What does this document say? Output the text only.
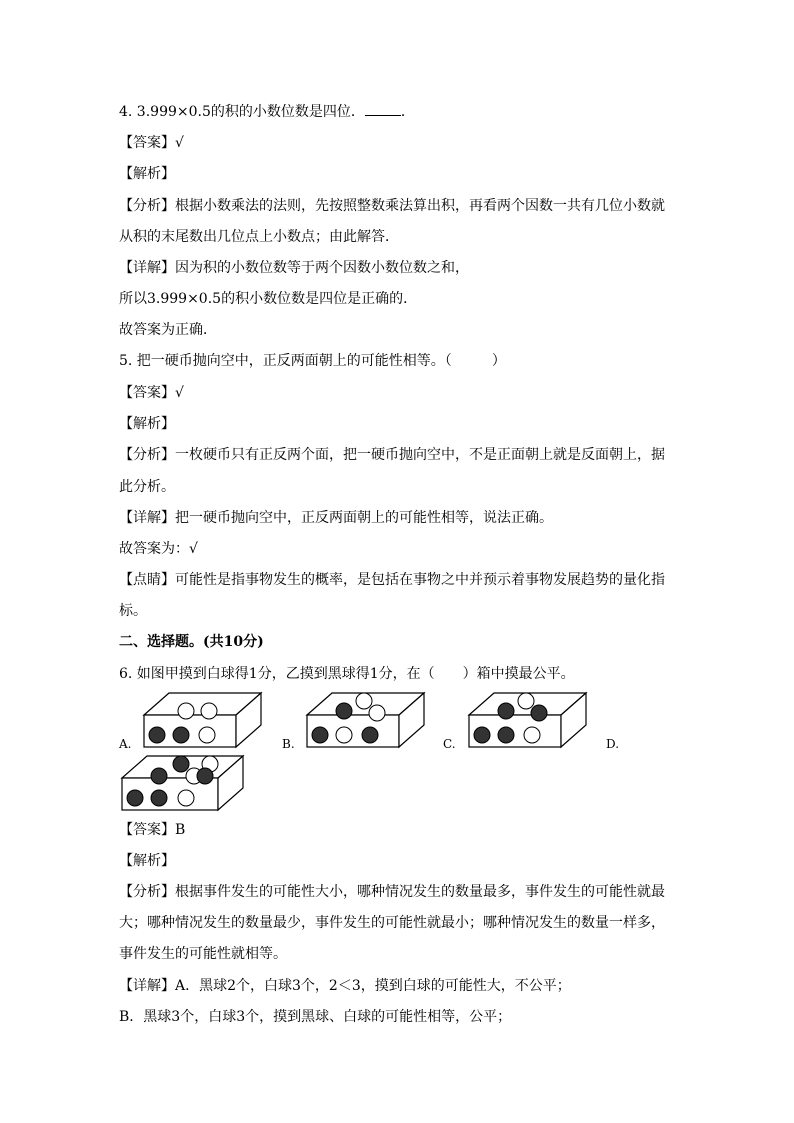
4. 3.999×0.5的积的小数位数是四位．	．
【答案】√
【解析】
【分析】根据小数乘法的法则，先按照整数乘法算出积，再看两个因数一共有几位小数就
从积的末尾数出几位点上小数点；由此解答．
【详解】因为积的小数位数等于两个因数小数位数之和，
所以3.999×0.5的积小数位数是四位是正确的．
故答案为正确．
5. 把一硬币抛向空中，正反两面朝上的可能性相等。（	）
【答案】√
【解析】
【分析】一枚硬币只有正反两个面，把一硬币抛向空中，不是正面朝上就是反面朝上，据
此分析。
【详解】把一硬币抛向空中，正反两面朝上的可能性相等，说法正确。
故答案为：√
【点睛】可能性是指事物发生的概率，是包括在事物之中并预示着事物发展趋势的量化指
标。
二、选择题。(共10分)
6. 如图甲摸到白球得1分，乙摸到黑球得1分，在（ ）箱中摸最公平。
A.	B.	C.	D.
【答案】B
【解析】
【分析】根据事件发生的可能性大小，哪种情况发生的数量最多，事件发生的可能性就最
大；哪种情况发生的数量最少，事件发生的可能性就最小；哪种情况发生的数量一样多，
事件发生的可能性就相等。
【详解】A．黑球2个，白球3个，2＜3，摸到白球的可能性大，不公平；
B．黑球3个，白球3个，摸到黑球、白球的可能性相等，公平；
